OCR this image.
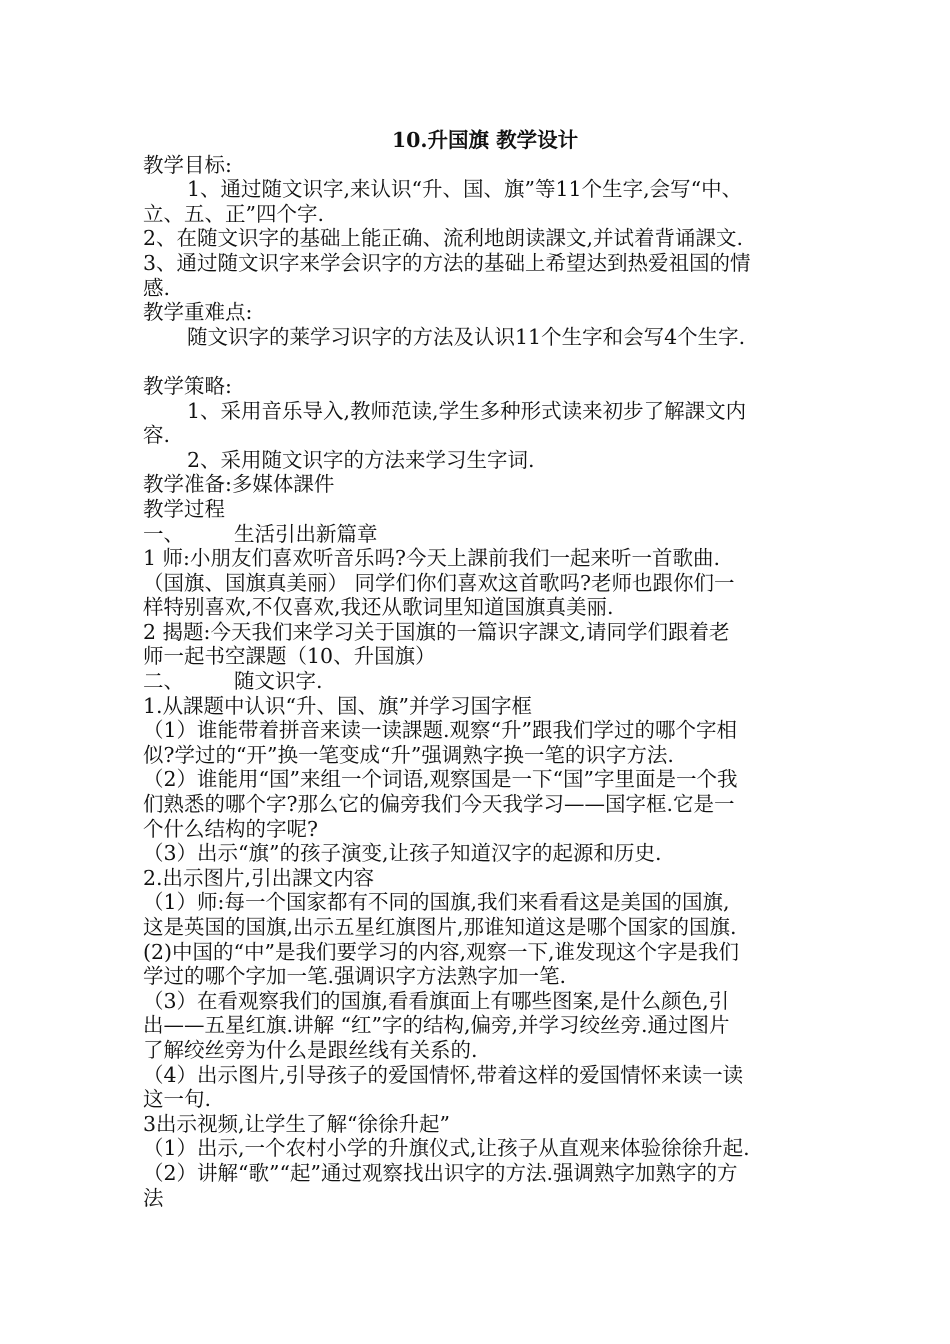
10.升国旗 教学设计
教学目标:
1、通过随文识字,来认识“升、国、旗”等11个生字,会写“中、
立、五、正”四个字.
2、在随文识字的基础上能正确、流利地朗读課文,并试着背诵課文.
3、通过随文识字来学会识字的方法的基础上希望达到热爱祖国的情
感.
教学重难点:
随文识字的莱学习识字的方法及认识11个生字和会写4个生字.
教学策略:
1、采用音乐导入,教师范读,学生多种形式读来初步了解課文内
容.
2、采用随文识字的方法来学习生字词.
教学准备:多媒体課件
教学过程
一、 生活引出新篇章
1 师:小朋友们喜欢听音乐吗?今天上課前我们一起来听一首歌曲.
（国旗、国旗真美丽） 同学们你们喜欢这首歌吗?老师也跟你们一
样特别喜欢,不仅喜欢,我还从歌词里知道国旗真美丽.
2 揭题:今天我们来学习关于国旗的一篇识字課文,请同学们跟着老
师一起书空課题（10、升国旗）
二、 随文识字.
1.从課题中认识“升、国、旗”并学习国字框
（1）谁能带着拼音来读一读課题.观察“升”跟我们学过的哪个字相
似?学过的“开”换一笔变成“升”强调熟字换一笔的识字方法.
（2）谁能用“国”来组一个词语,观察国是一下“国”字里面是一个我
们熟悉的哪个字?那么它的偏旁我们今天我学习——国字框.它是一
个什么结构的字呢?
（3）出示“旗”的孩子演变,让孩子知道汉字的起源和历史.
2.出示图片,引出課文内容
（1）师:每一个国家都有不同的国旗,我们来看看这是美国的国旗,
这是英国的国旗,出示五星红旗图片,那谁知道这是哪个国家的国旗.
(2)中国的“中”是我们要学习的内容,观察一下,谁发现这个字是我们
学过的哪个字加一笔.强调识字方法熟字加一笔.
（3）在看观察我们的国旗,看看旗面上有哪些图案,是什么颜色,引
出——五星红旗.讲解 “红”字的结构,偏旁,并学习绞丝旁.通过图片
了解绞丝旁为什么是跟丝线有关系的.
（4）出示图片,引导孩子的爱国情怀,带着这样的爱国情怀来读一读
这一句.
3出示视频,让学生了解“徐徐升起”
（1）出示,一个农村小学的升旗仪式,让孩子从直观来体验徐徐升起.
（2）讲解“歌”“起”通过观察找出识字的方法.强调熟字加熟字的方
法
